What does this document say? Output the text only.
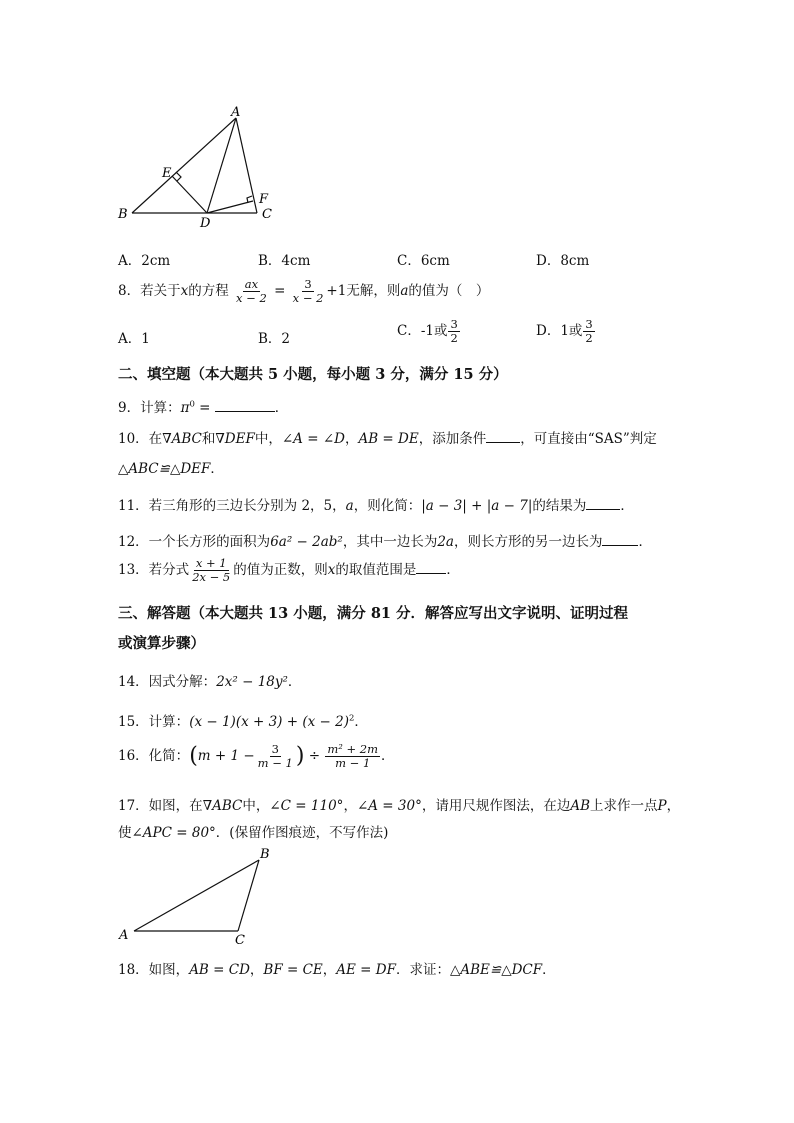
A
B	C
D
E
F
A．2cm	B．4cm	C．6cm	D．8cm
8．若关于x的方程 $\frac{ax}{x - 2} = \frac{3}{x - 2} +1$无解，则a的值为（　）
A．1	B．2	C．-1或 $\frac{3}{2}$	D．1或 $\frac{3}{2}$
二、填空题（本大题共 5 小题，每小题 3 分，满分 15 分）
9．计算：$\pi^0$ =	．
10．在∇ABC和∇DEF中，∠A = ∠D，AB = DE，添加条件	，可直接由“SAS”判定
△ABC≌△DEF．
11．若三角形的三边长分别为 2，5，a，则化简：|a − 3| + |a − 7|的结果为	．
12．一个长方形的面积为6a² − 2ab²，其中一边长为2a，则长方形的另一边长为	．
13．若分式 $\frac{x + 1}{2x - 5}$ 的值为正数，则x的取值范围是 ．
三、解答题（本大题共 13 小题，满分 81 分．解答应写出文字说明、证明过程
或演算步骤）
14．因式分解：2x² − 18y²．
15．计算：$(x - 1)(x + 3) + (x - 2)^2$．
16．化简：($m + 1 - \frac{3}{m - 1}$ ) ÷ $\frac{\text{m² + 2m}}{m - 1}$ ．
17．如图，在∇ABC中，∠C = 110°，∠A = 30°，请用尺规作图法，在边AB上求作一点P，
使∠APC = 80°．(保留作图痕迹，不写作法)
A
B
C
18．如图，AB = CD，BF = CE，AE = DF．求证：△ABE≌△DCF．
